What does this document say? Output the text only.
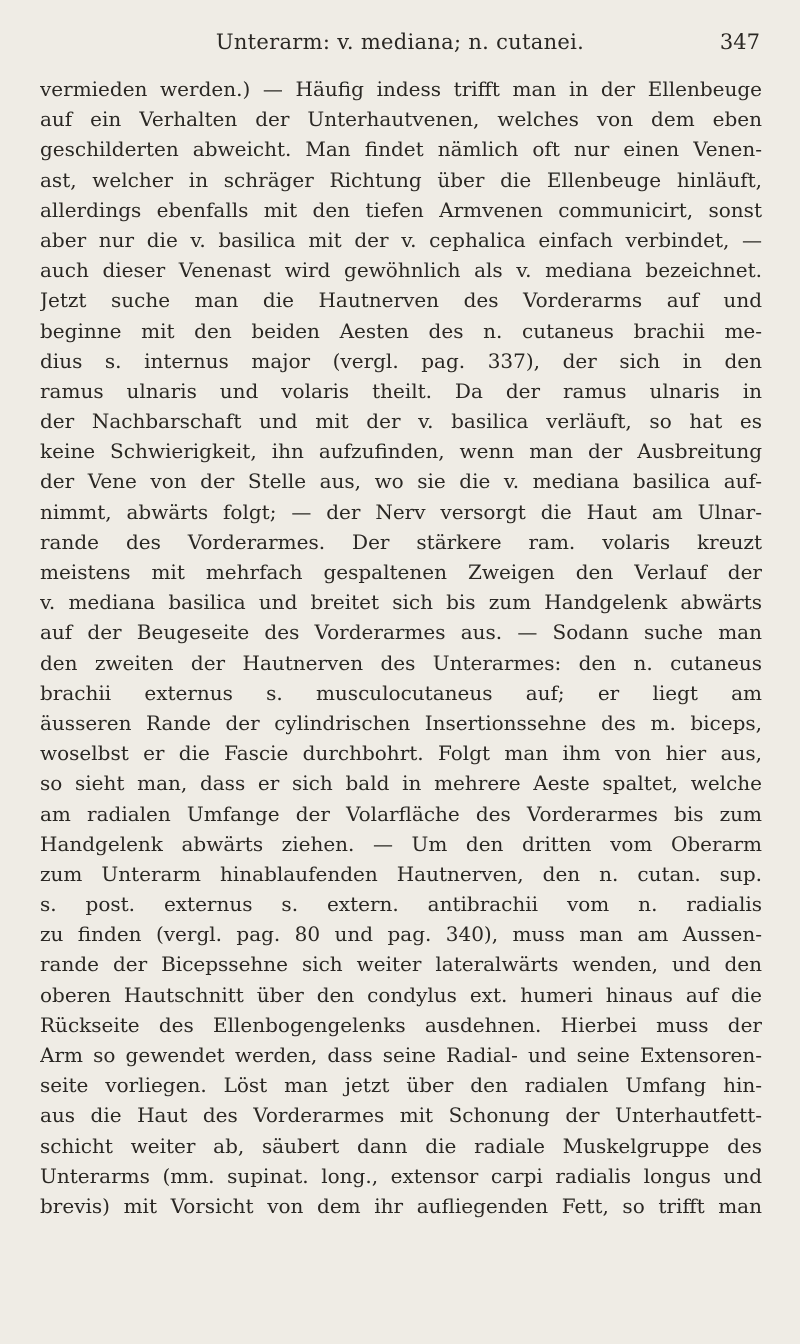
Unterarm: v. mediana; n. cutanei.	347
vermieden werden.) — Häufig indess trifft man in der Ellenbeuge
auf ein Verhalten der Unterhautvenen, welches von dem eben
geschilderten abweicht. Man findet nämlich oft nur einen Venen-
ast, welcher in schräger Richtung über die Ellenbeuge hinläuft,
allerdings ebenfalls mit den tiefen Armvenen communicirt, sonst
aber nur die v. basilica mit der v. cephalica einfach verbindet, —
auch dieser Venenast wird gewöhnlich als v. mediana bezeichnet.
Jetzt suche man die Hautnerven des Vorderarms auf und
beginne mit den beiden Aesten des n. cutaneus brachii me-
dius s. internus major (vergl. pag. 337), der sich in den
ramus ulnaris und volaris theilt. Da der ramus ulnaris in
der Nachbarschaft und mit der v. basilica verläuft, so hat es
keine Schwierigkeit, ihn aufzufinden, wenn man der Ausbreitung
der Vene von der Stelle aus, wo sie die v. mediana basilica auf-
nimmt, abwärts folgt; — der Nerv versorgt die Haut am Ulnar-
rande des Vorderarmes. Der stärkere ram. volaris kreuzt
meistens mit mehrfach gespaltenen Zweigen den Verlauf der
v. mediana basilica und breitet sich bis zum Handgelenk abwärts
auf der Beugeseite des Vorderarmes aus. — Sodann suche man
den zweiten der Hautnerven des Unterarmes: den n. cutaneus
brachii externus s. musculocutaneus auf; er liegt am
äusseren Rande der cylindrischen Insertionssehne des m. biceps,
woselbst er die Fascie durchbohrt. Folgt man ihm von hier aus,
so sieht man, dass er sich bald in mehrere Aeste spaltet, welche
am radialen Umfange der Volarfläche des Vorderarmes bis zum
Handgelenk abwärts ziehen. — Um den dritten vom Oberarm
zum Unterarm hinablaufenden Hautnerven, den n. cutan. sup.
s. post. externus s. extern. antibrachii vom n. radialis
zu finden (vergl. pag. 80 und pag. 340), muss man am Aussen-
rande der Bicepssehne sich weiter lateralwärts wenden, und den
oberen Hautschnitt über den condylus ext. humeri hinaus auf die
Rückseite des Ellenbogengelenks ausdehnen. Hierbei muss der
Arm so gewendet werden, dass seine Radial- und seine Extensoren-
seite vorliegen. Löst man jetzt über den radialen Umfang hin-
aus die Haut des Vorderarmes mit Schonung der Unterhautfett-
schicht weiter ab, säubert dann die radiale Muskelgruppe des
Unterarms (mm. supinat. long., extensor carpi radialis longus und
brevis) mit Vorsicht von dem ihr aufliegenden Fett, so trifft man
